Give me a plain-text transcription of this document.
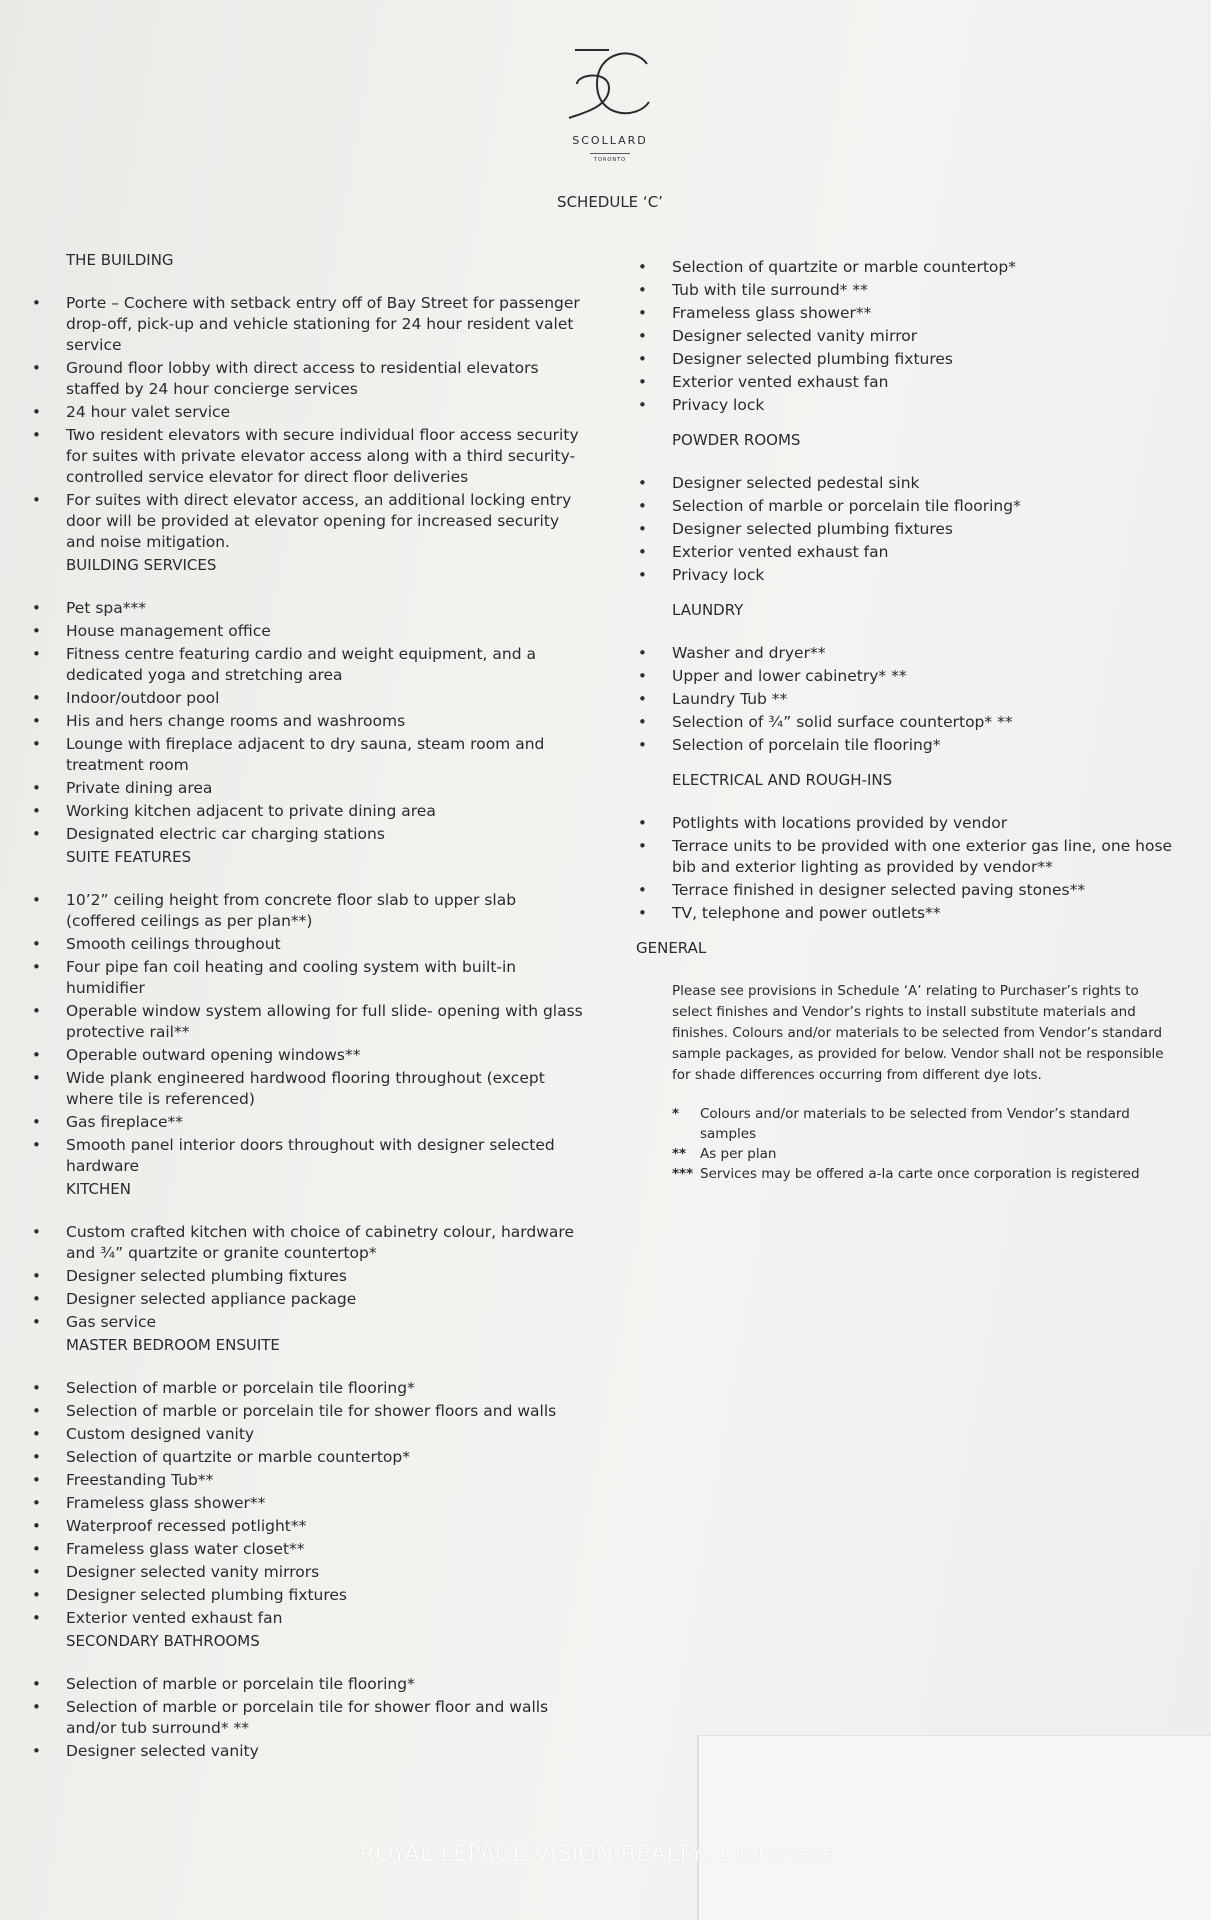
SCOLLARD
TORONTO
SCHEDULE ‘C’
THE BUILDING
• Porte – Cochere with setback entry off of Bay Street for passenger drop-off, pick-up and vehicle stationing for 24 hour resident valet service
• Ground floor lobby with direct access to residential elevators staffed by 24 hour concierge services
• 24 hour valet service
• Two resident elevators with secure individual floor access security for suites with private elevator access along with a third security-controlled service elevator for direct floor deliveries
• For suites with direct elevator access, an additional locking entry door will be provided at elevator opening for increased security and noise mitigation.
BUILDING SERVICES
• Pet spa***
• House management office
• Fitness centre featuring cardio and weight equipment, and a dedicated yoga and stretching area
• Indoor/outdoor pool
• His and hers change rooms and washrooms
• Lounge with fireplace adjacent to dry sauna, steam room and treatment room
• Private dining area
• Working kitchen adjacent to private dining area
• Designated electric car charging stations
SUITE FEATURES
• 10’2” ceiling height from concrete floor slab to upper slab (coffered ceilings as per plan**)
• Smooth ceilings throughout
• Four pipe fan coil heating and cooling system with built-in humidifier
• Operable window system allowing for full slide- opening with glass protective rail**
• Operable outward opening windows**
• Wide plank engineered hardwood flooring throughout (except where tile is referenced)
• Gas fireplace**
• Smooth panel interior doors throughout with designer selected hardware
KITCHEN
• Custom crafted kitchen with choice of cabinetry colour, hardware and ¾” quartzite or granite countertop*
• Designer selected plumbing fixtures
• Designer selected appliance package
• Gas service
MASTER BEDROOM ENSUITE
• Selection of marble or porcelain tile flooring*
• Selection of marble or porcelain tile for shower floors and walls
• Custom designed vanity
• Selection of quartzite or marble countertop*
• Freestanding Tub**
• Frameless glass shower**
• Waterproof recessed potlight**
• Frameless glass water closet**
• Designer selected vanity mirrors
• Designer selected plumbing fixtures
• Exterior vented exhaust fan
SECONDARY BATHROOMS
• Selection of marble or porcelain tile flooring*
• Selection of marble or porcelain tile for shower floor and walls and/or tub surround* **
• Designer selected vanity
• Selection of quartzite or marble countertop*
• Tub with tile surround* **
• Frameless glass shower**
• Designer selected vanity mirror
• Designer selected plumbing fixtures
• Exterior vented exhaust fan
• Privacy lock
POWDER ROOMS
• Designer selected pedestal sink
• Selection of marble or porcelain tile flooring*
• Designer selected plumbing fixtures
• Exterior vented exhaust fan
• Privacy lock
LAUNDRY
• Washer and dryer**
• Upper and lower cabinetry* **
• Laundry Tub **
• Selection of ¾” solid surface countertop* **
• Selection of porcelain tile flooring*
ELECTRICAL AND ROUGH-INS
• Potlights with locations provided by vendor
• Terrace units to be provided with one exterior gas line, one hose bib and exterior lighting as provided by vendor**
• Terrace finished in designer selected paving stones**
• TV, telephone and power outlets**
GENERAL
Please see provisions in Schedule ‘A’ relating to Purchaser’s rights to select finishes and Vendor’s rights to install substitute materials and finishes. Colours and/or materials to be selected from Vendor’s standard sample packages, as provided for below. Vendor shall not be responsible for shade differences occurring from different dye lots.
*	Colours and/or materials to be selected from Vendor’s standard samples
**	As per plan
*** Services may be offered a-la carte once corporation is registered
ROYAL LEPAGE VISION REALTY, Brokerage
